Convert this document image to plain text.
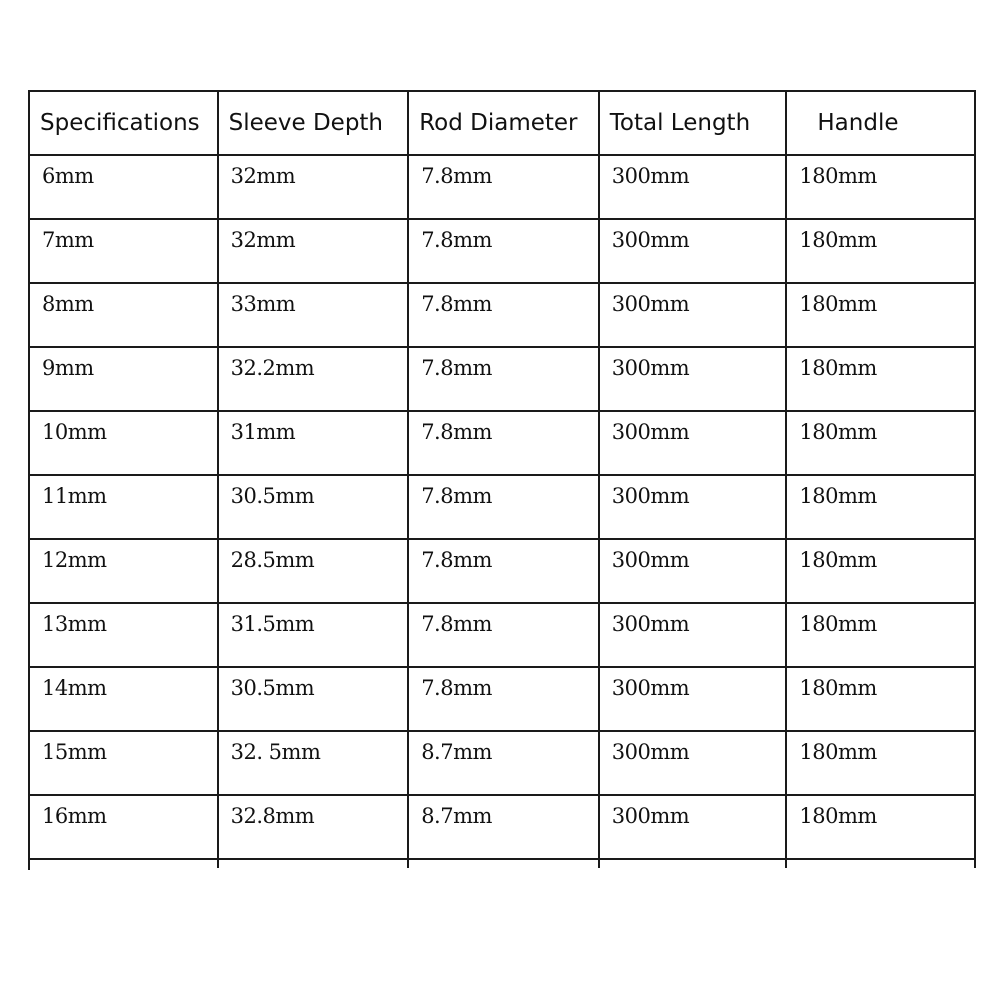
Specifications	Sleeve Depth	Rod Diameter	Total Length	Handle
6mm	32mm	7.8mm	300mm	180mm
7mm	32mm	7.8mm	300mm	180mm
8mm	33mm	7.8mm	300mm	180mm
9mm	32.2mm	7.8mm	300mm	180mm
10mm	31mm	7.8mm	300mm	180mm
11mm	30.5mm	7.8mm	300mm	180mm
12mm	28.5mm	7.8mm	300mm	180mm
13mm	31.5mm	7.8mm	300mm	180mm
14mm	30.5mm	7.8mm	300mm	180mm
15mm	32. 5mm	8.7mm	300mm	180mm
16mm	32.8mm	8.7mm	300mm	180mm
